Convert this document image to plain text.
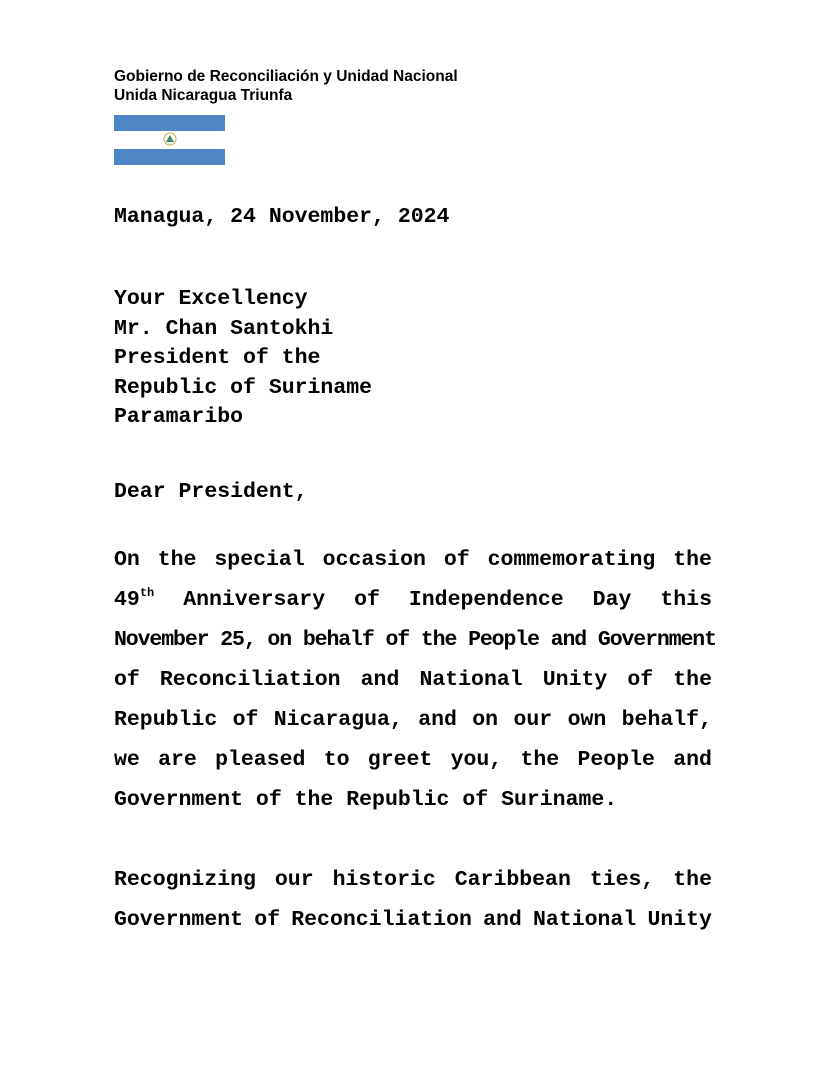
Gobierno de Reconciliación y Unidad Nacional
Unida Nicaragua Triunfa
Managua, 24 November, 2024
Your Excellency
Mr. Chan Santokhi
President of the
Republic of Suriname
Paramaribo
Dear President,
On the special occasion of commemorating the
49th Anniversary of Independence Day this
November 25, on behalf of the People and Government
of Reconciliation and National Unity of the
Republic of Nicaragua, and on our own behalf,
we are pleased to greet you, the People and
Government of the Republic of Suriname.
Recognizing our historic Caribbean ties, the
Government of Reconciliation and National Unity
